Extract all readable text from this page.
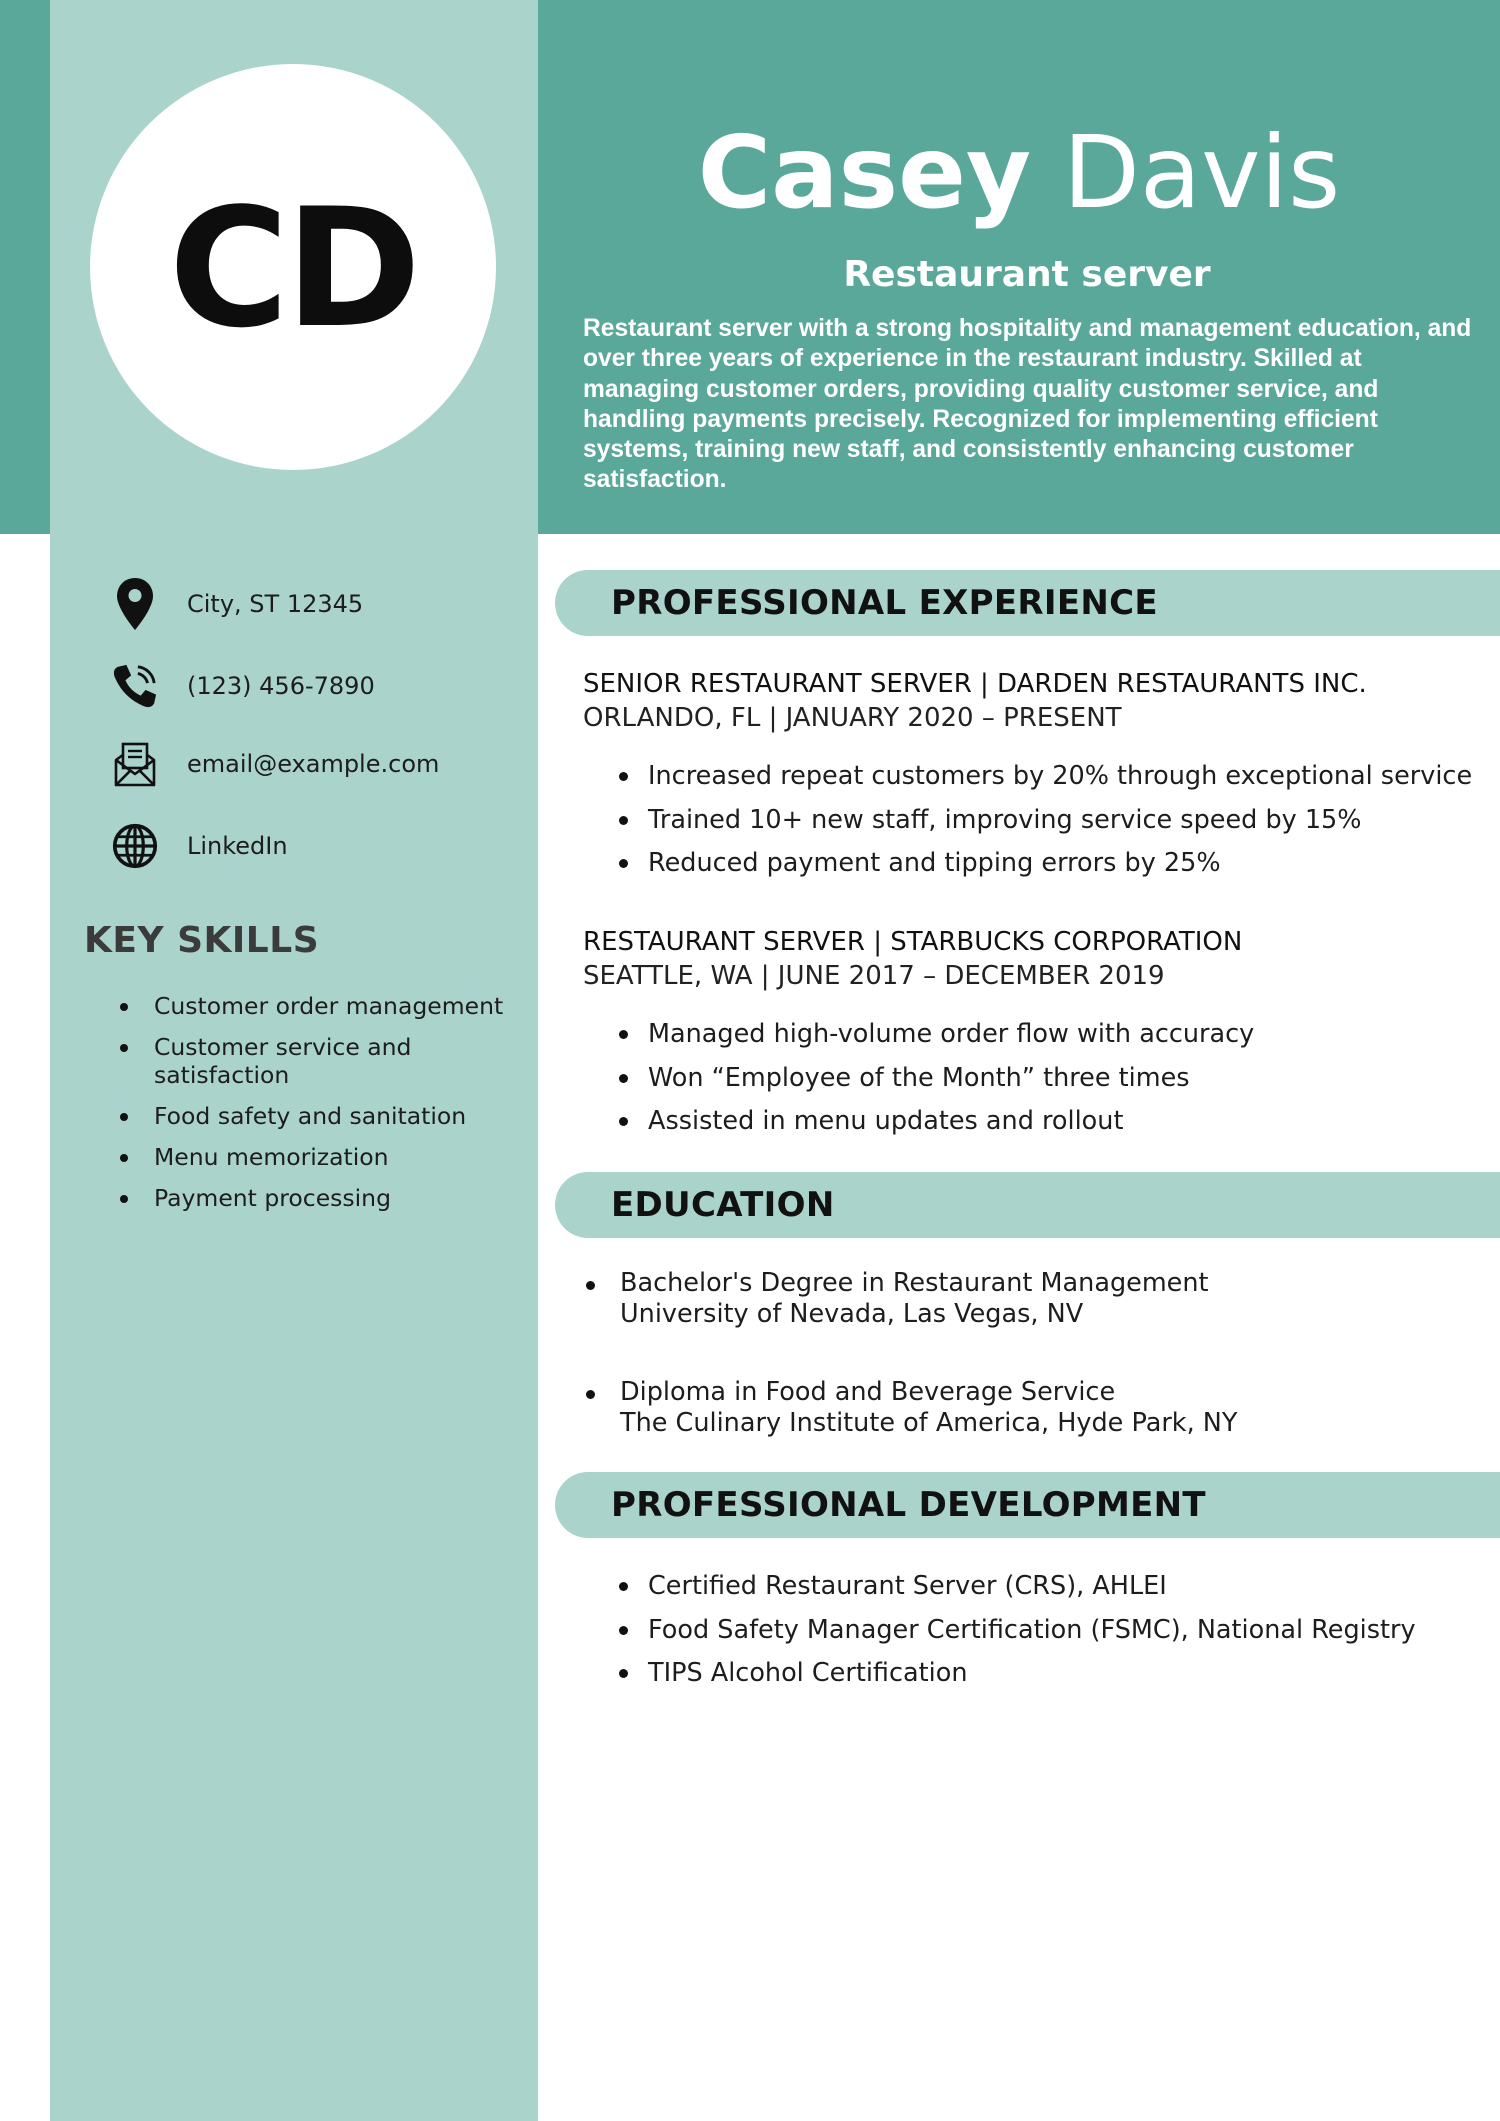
CD
Casey Davis
Restaurant server
Restaurant server with a strong hospitality and management education, and over three years of experience in the restaurant industry. Skilled at managing customer orders, providing quality customer service, and handling payments precisely. Recognized for implementing efficient systems, training new staff, and consistently enhancing customer satisfaction.
City, ST 12345
(123) 456-7890
email@example.com
LinkedIn
KEY SKILLS
Customer order management
Customer service and satisfaction
Food safety and sanitation
Menu memorization
Payment processing
PROFESSIONAL EXPERIENCE
SENIOR RESTAURANT SERVER | DARDEN RESTAURANTS INC.
ORLANDO, FL | JANUARY 2020 – PRESENT
Increased repeat customers by 20% through exceptional service
Trained 10+ new staff, improving service speed by 15%
Reduced payment and tipping errors by 25%
RESTAURANT SERVER | STARBUCKS CORPORATION
SEATTLE, WA | JUNE 2017 – DECEMBER 2019
Managed high-volume order flow with accuracy
Won “Employee of the Month” three times
Assisted in menu updates and rollout
EDUCATION
Bachelor's Degree in Restaurant Management
University of Nevada, Las Vegas, NV
Diploma in Food and Beverage Service
The Culinary Institute of America, Hyde Park, NY
PROFESSIONAL DEVELOPMENT
Certified Restaurant Server (CRS), AHLEI
Food Safety Manager Certification (FSMC), National Registry
TIPS Alcohol Certification
